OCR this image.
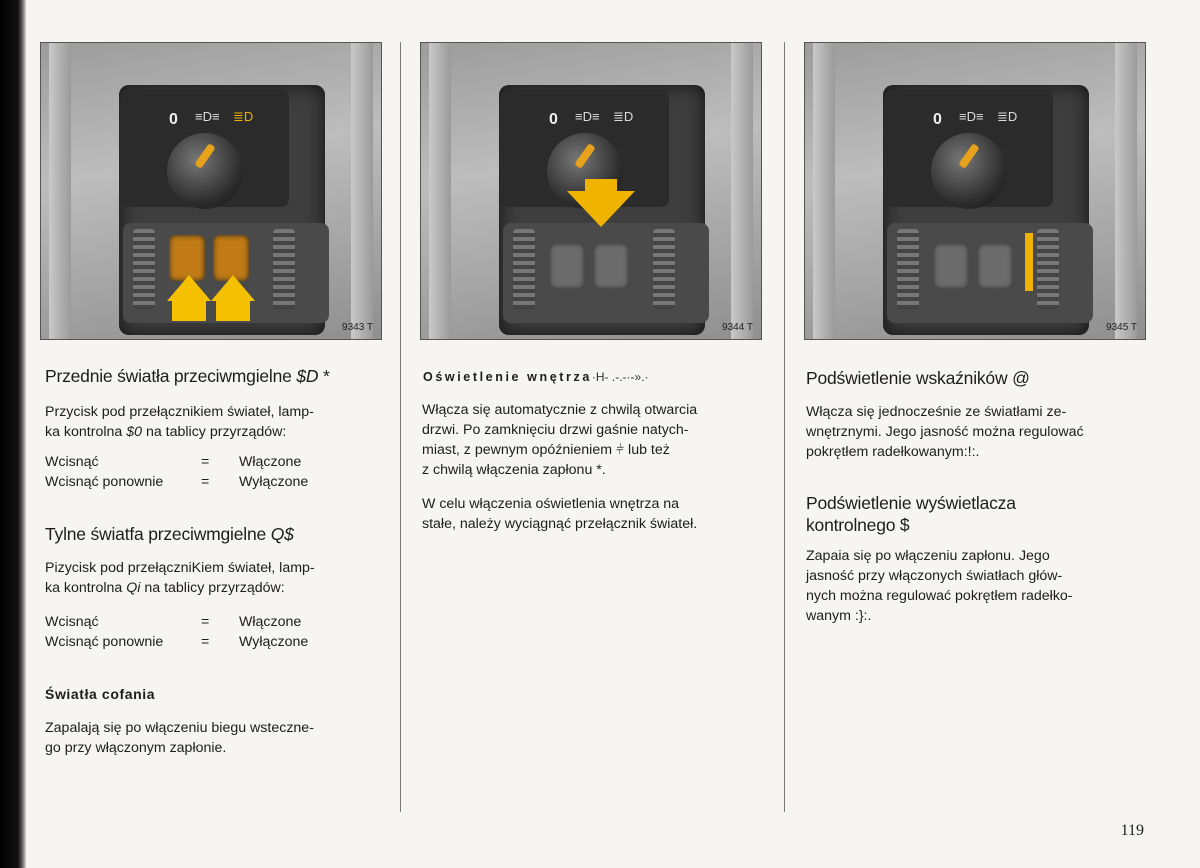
0 ≡D≡ ≣D
9343 T
0 ≡D≡ ≣D
9344 T
0 ≡D≡ ≣D
9345 T
Przednie światła przeciwmgielne $D *
Przycisk pod przełącznikiem świateł, lamp-
ka kontrolna $0 na tablicy przyrządów:
Wcisnąć	= Włączone
Wcisnąć ponownie	= Wyłączone
Tylne światfa przeciwmgielne Q$
Pizycisk pod przełączniKiem świateł, lamp-
ka kontrolna Qi na tablicy przyrządów:
Wcisnąć	= Włączone
Wcisnąć ponownie	= Wyłączone
Światła cofania
Zapalają się po włączeniu biegu wsteczne-
go przy włączonym zapłonie.
Oświetlenie wnętrza·H- .-.-·-».·
Włącza się automatycznie z chwilą otwarcia
drzwi. Po zamknięciu drzwi gaśnie natych-
miast, z pewnym opóźnieniem ⫩ lub też
z chwilą włączenia zapłonu *.
W celu włączenia oświetlenia wnętrza na
stałe, należy wyciągnąć przełącznik świateł.
Podświetlenie wskaźników @
Włącza się jednocześnie ze światłami ze-
wnętrznymi. Jego jasność można regulować
pokrętłem radełkowanym:!:.
Podświetlenie wyświetlacza
kontrolnego $
Zapaia się po włączeniu zapłonu. Jego
jasność przy włączonych światłach głów-
nych można regulować pokrętłem radełko-
wanym :}:.
119
